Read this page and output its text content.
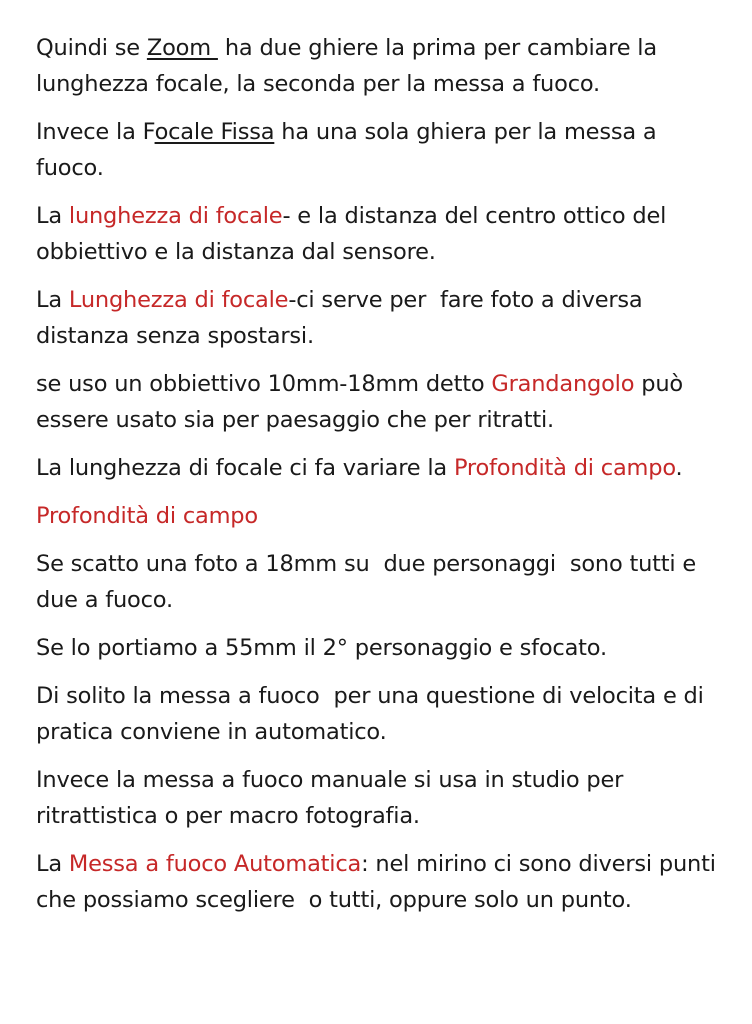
Quindi se Zoom  ha due ghiere la prima per cambiare la lunghezza focale, la seconda per la messa a fuoco.

Invece la Focale Fissa ha una sola ghiera per la messa a fuoco.

La lunghezza di focale- e la distanza del centro ottico del obbiettivo e la distanza dal sensore.

La Lunghezza di focale-ci serve per  fare foto a diversa distanza senza spostarsi.

se uso un obbiettivo 10mm-18mm detto Grandangolo può essere usato sia per paesaggio che per ritratti.

La lunghezza di focale ci fa variare la Profondità di campo.

Profondità di campo

Se scatto una foto a 18mm su  due personaggi  sono tutti e due a fuoco.

Se lo portiamo a 55mm il 2° personaggio e sfocato.

Di solito la messa a fuoco  per una questione di velocita e di pratica conviene in automatico.

Invece la messa a fuoco manuale si usa in studio per ritrattistica o per macro fotografia.

La Messa a fuoco Automatica: nel mirino ci sono diversi punti che possiamo scegliere  o tutti, oppure solo un punto.
